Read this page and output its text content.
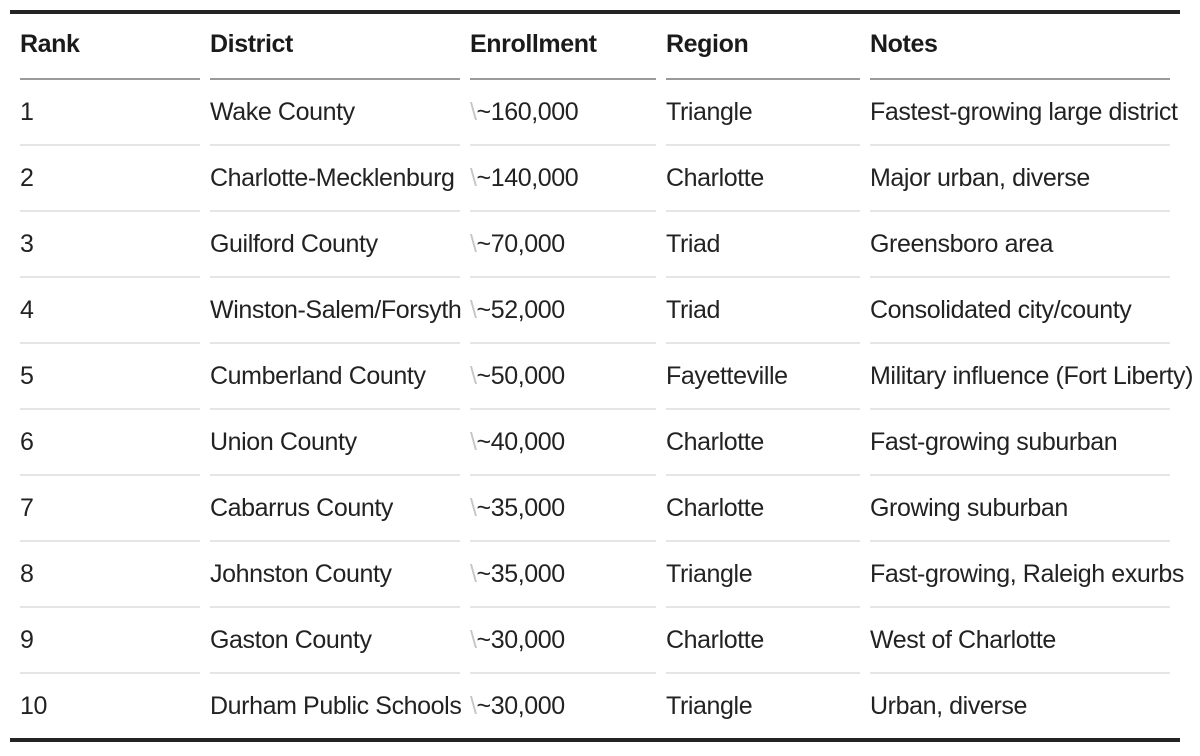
Rank	District	Enrollment	Region	Notes
1	Wake County	\~160,000	Triangle	Fastest-growing large district
2	Charlotte-Mecklenburg	\~140,000	Charlotte	Major urban, diverse
3	Guilford County	\~70,000	Triad	Greensboro area
4	Winston-Salem/Forsyth	\~52,000	Triad	Consolidated city/county
5	Cumberland County	\~50,000	Fayetteville	Military influence (Fort Liberty)
6	Union County	\~40,000	Charlotte	Fast-growing suburban
7	Cabarrus County	\~35,000	Charlotte	Growing suburban
8	Johnston County	\~35,000	Triangle	Fast-growing, Raleigh exurbs
9	Gaston County	\~30,000	Charlotte	West of Charlotte
10	Durham Public Schools	\~30,000	Triangle	Urban, diverse
